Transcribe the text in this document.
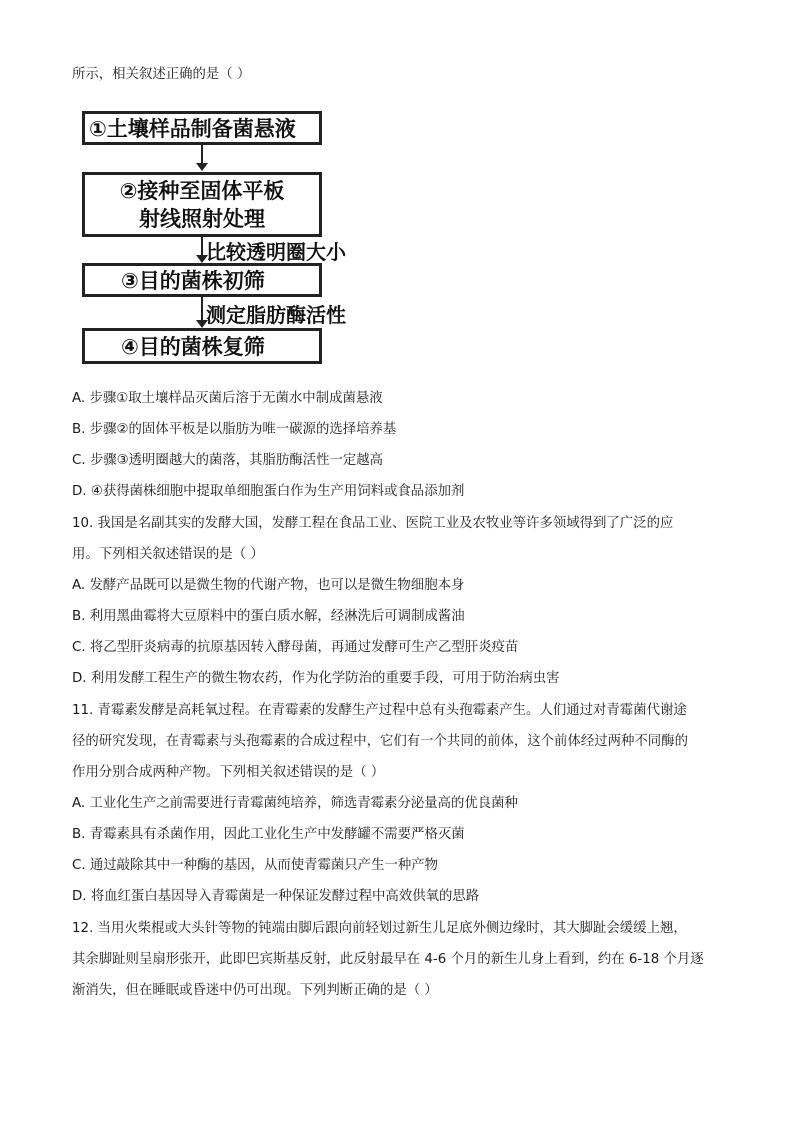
所示，相关叙述正确的是（ ）
①土壤样品制备菌悬液
②接种至固体平板
射线照射处理
比较透明圈大小
③目的菌株初筛
测定脂肪酶活性
④目的菌株复筛
A. 步骤①取土壤样品灭菌后溶于无菌水中制成菌悬液
B. 步骤②的固体平板是以脂肪为唯一碳源的选择培养基
C. 步骤③透明圈越大的菌落，其脂肪酶活性一定越高
D. ④获得菌株细胞中提取单细胞蛋白作为生产用饲料或食品添加剂
10. 我国是名副其实的发酵大国，发酵工程在食品工业、医院工业及农牧业等许多领域得到了广泛的应
用。下列相关叙述错误的是（ ）
A. 发酵产品既可以是微生物的代谢产物，也可以是微生物细胞本身
B. 利用黑曲霉将大豆原料中的蛋白质水解，经淋洗后可调制成酱油
C. 将乙型肝炎病毒的抗原基因转入酵母菌，再通过发酵可生产乙型肝炎疫苗
D. 利用发酵工程生产的微生物农药，作为化学防治的重要手段，可用于防治病虫害
11. 青霉素发酵是高耗氧过程。在青霉素的发酵生产过程中总有头孢霉素产生。人们通过对青霉菌代谢途
径的研究发现，在青霉素与头孢霉素的合成过程中，它们有一个共同的前体，这个前体经过两种不同酶的
作用分别合成两种产物。下列相关叙述错误的是（ ）
A. 工业化生产之前需要进行青霉菌纯培养，筛选青霉素分泌量高的优良菌种
B. 青霉素具有杀菌作用，因此工业化生产中发酵罐不需要严格灭菌
C. 通过敲除其中一种酶的基因，从而使青霉菌只产生一种产物
D. 将血红蛋白基因导入青霉菌是一种保证发酵过程中高效供氧的思路
12. 当用火柴棍或大头针等物的钝端由脚后跟向前轻划过新生儿足底外侧边缘时，其大脚趾会缓缓上翘，
其余脚趾则呈扇形张开，此即巴宾斯基反射，此反射最早在 4-6 个月的新生儿身上看到，约在 6-18 个月逐
渐消失，但在睡眠或昏迷中仍可出现。下列判断正确的是（ ）
